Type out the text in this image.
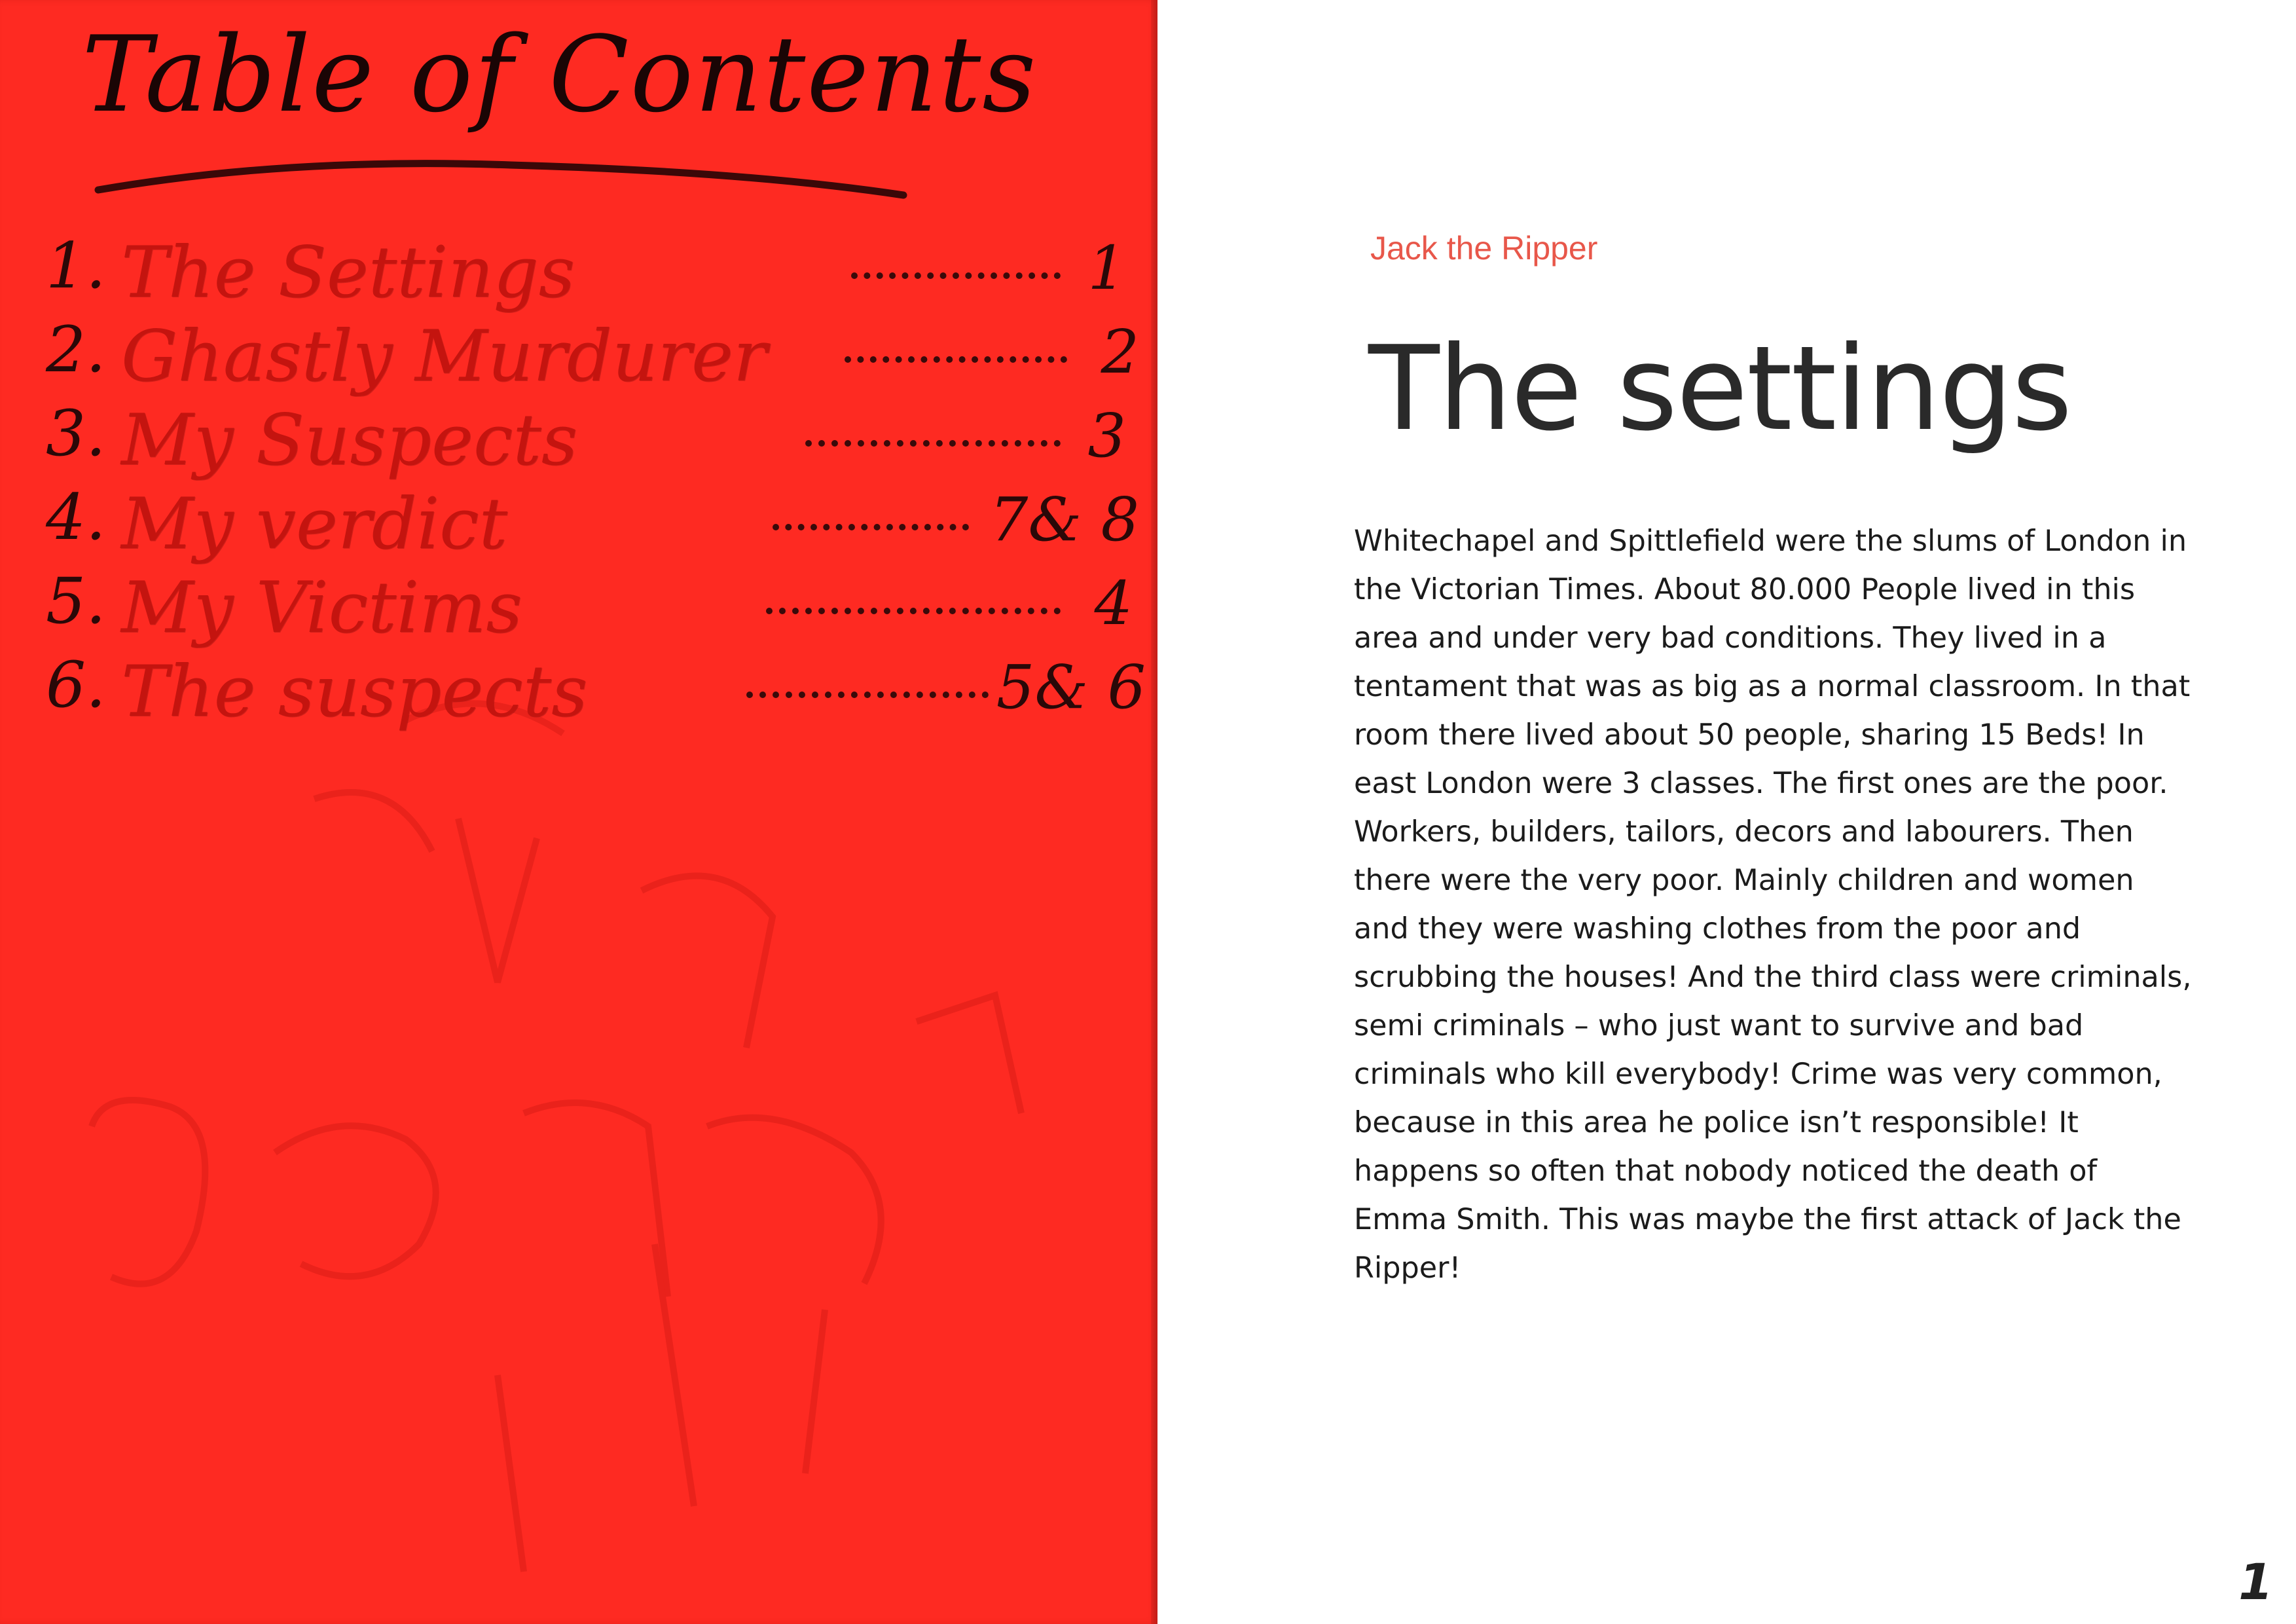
Table of Contents
1. The Settings	1
2. Ghastly Murdurer	2
3. My Suspects	3
4. My verdict	7& 8
5. My Victims	4
6. The suspects	5& 6
Jack the Ripper
The settings

Whitechapel and Spittlefield were the slums of London in the Victorian Times. About 80.000 People lived in this area and under very bad conditions. They lived in a tentament that was as big as a normal classroom. In that room there lived about 50 people, sharing 15 Beds! In east London were 3 classes. The first ones are the poor. Workers, builders, tailors, decors and labourers. Then there were the very poor. Mainly children and women and they were washing clothes from the poor and scrubbing the houses! And the third class were criminals, semi criminals – who just want to survive and bad criminals who kill everybody! Crime was very common, because in this area he police isn’t responsible! It happens so often that nobody noticed the death of Emma Smith. This was maybe the first attack of Jack the Ripper!

1
